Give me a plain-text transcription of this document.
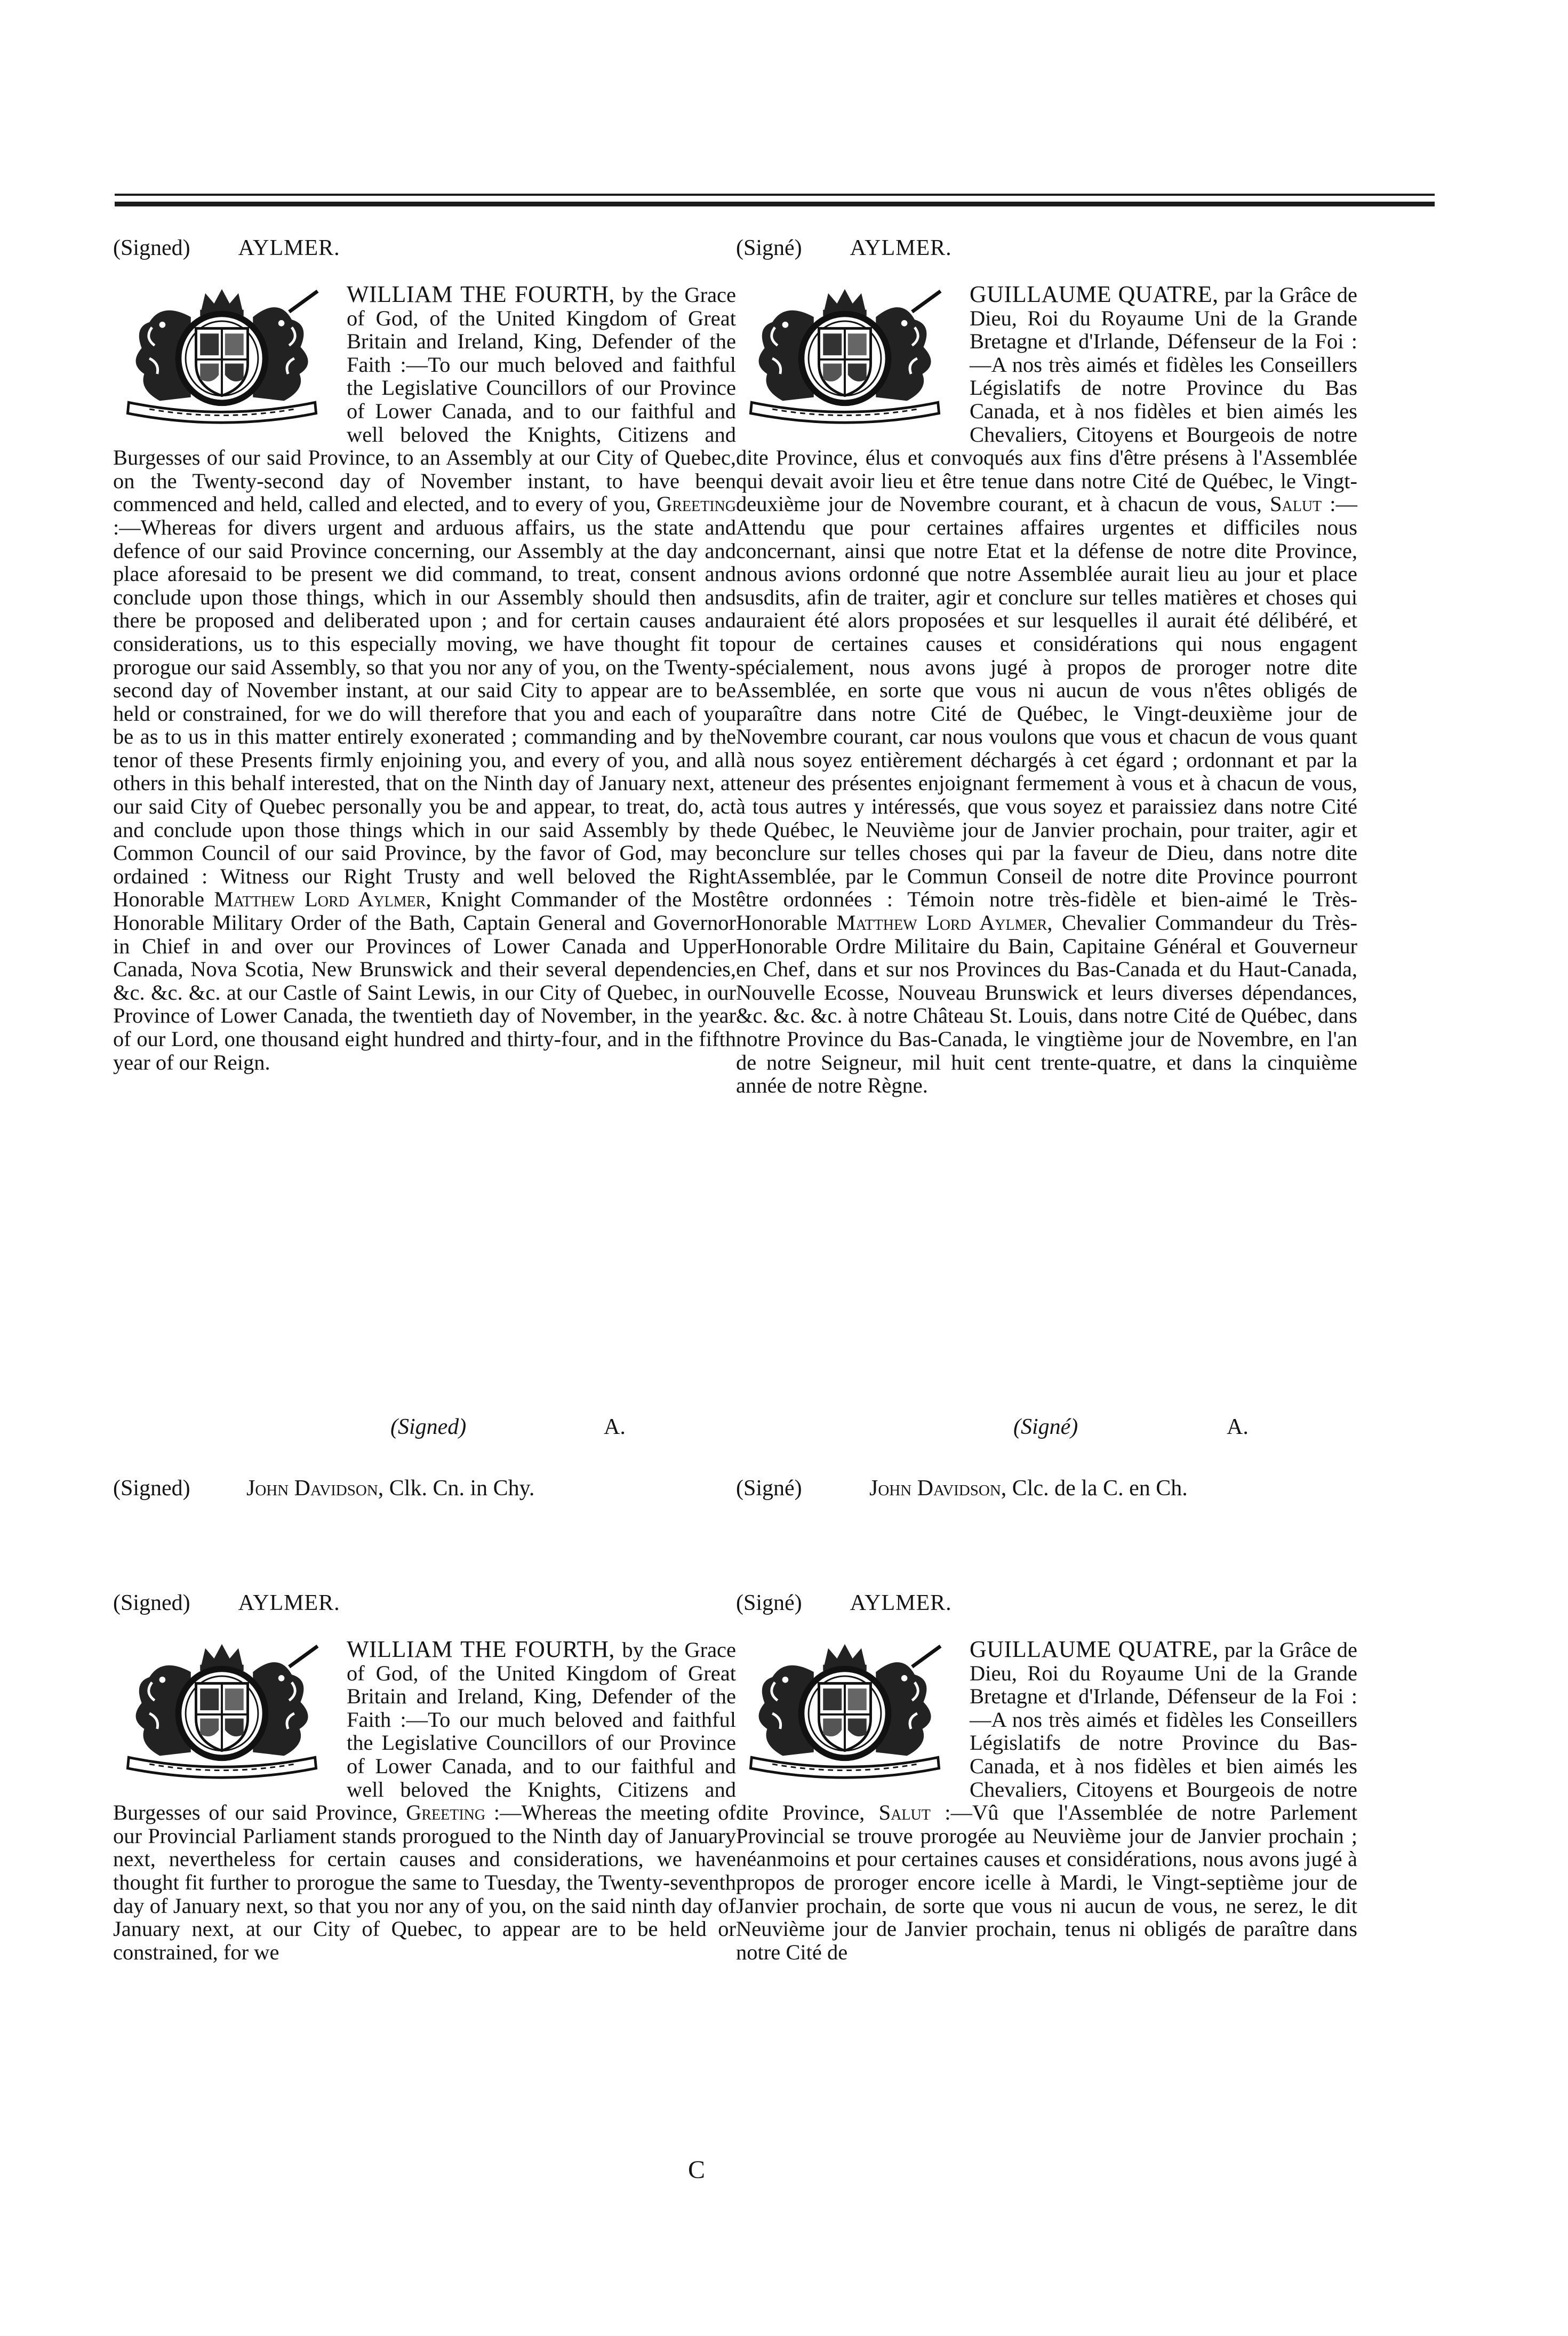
(Signed) AYLMER.
WILLIAM THE FOURTH, by the Grace of God, of the United Kingdom of Great Britain and Ireland, King, Defender of the Faith :—To our much beloved and faithful the Legislative Councillors of our Province of Lower Canada, and to our faithful and well beloved the Knights, Citizens and Burgesses of our said Province, to an Assembly at our City of Quebec, on the Twenty-second day of November instant, to have been commenced and held, called and elected, and to every of you, Greeting :—Whereas for divers urgent and arduous affairs, us the state and defence of our said Province concerning, our Assembly at the day and place aforesaid to be present we did command, to treat, consent and conclude upon those things, which in our Assembly should then and there be proposed and deliberated upon ; and for certain causes and considerations, us to this especially moving, we have thought fit to prorogue our said Assembly, so that you nor any of you, on the Twenty-second day of November instant, at our said City to appear are to be held or constrained, for we do will therefore that you and each of you be as to us in this matter entirely exonerated ; commanding and by the tenor of these Presents firmly enjoining you, and every of you, and all others in this behalf interested, that on the Ninth day of January next, at our said City of Quebec personally you be and appear, to treat, do, act and conclude upon those things which in our said Assembly by the Common Council of our said Province, by the favor of God, may be ordained : Witness our Right Trusty and well beloved the Right Honorable Matthew Lord Aylmer, Knight Commander of the Most Honorable Military Order of the Bath, Captain General and Governor in Chief in and over our Provinces of Lower Canada and Upper Canada, Nova Scotia, New Brunswick and their several dependencies, &c. &c. &c. at our Castle of Saint Lewis, in our City of Quebec, in our Province of Lower Canada, the twentieth day of November, in the year of our Lord, one thousand eight hundred and thirty-four, and in the fifth year of our Reign.
(Signed)	A.
(Signed)	John Davidson, Clk. Cn. in Chy.
(Signé) AYLMER.
GUILLAUME QUATRE, par la Grâce de Dieu, Roi du Royaume Uni de la Grande Bretagne et d'Irlande, Défenseur de la Foi :—A nos très aimés et fidèles les Conseillers Législatifs de notre Province du Bas Canada, et à nos fidèles et bien aimés les Chevaliers, Citoyens et Bourgeois de notre dite Province, élus et convoqués aux fins d'être présens à l'Assemblée qui devait avoir lieu et être tenue dans notre Cité de Québec, le Vingt-deuxième jour de Novembre courant, et à chacun de vous, Salut :— Attendu que pour certaines affaires urgentes et difficiles nous concernant, ainsi que notre Etat et la défense de notre dite Province, nous avions ordonné que notre Assemblée aurait lieu au jour et place susdits, afin de traiter, agir et conclure sur telles matières et choses qui auraient été alors proposées et sur lesquelles il aurait été délibéré, et pour de certaines causes et considérations qui nous engagent spécialement, nous avons jugé à propos de proroger notre dite Assemblée, en sorte que vous ni aucun de vous n'êtes obligés de paraître dans notre Cité de Québec, le Vingt-deuxième jour de Novembre courant, car nous voulons que vous et chacun de vous quant à nous soyez entièrement déchargés à cet égard ; ordonnant et par la teneur des présentes enjoignant fermement à vous et à chacun de vous, à tous autres y intéressés, que vous soyez et paraissiez dans notre Cité de Québec, le Neuvième jour de Janvier prochain, pour traiter, agir et conclure sur telles choses qui par la faveur de Dieu, dans notre dite Assemblée, par le Commun Conseil de notre dite Province pourront être ordonnées : Témoin notre très-fidèle et bien-aimé le Très-Honorable Matthew Lord Aylmer, Chevalier Commandeur du Très-Honorable Ordre Militaire du Bain, Capitaine Général et Gouverneur en Chef, dans et sur nos Provinces du Bas-Canada et du Haut-Canada, Nouvelle Ecosse, Nouveau Brunswick et leurs diverses dépendances, &c. &c. &c. à notre Château St. Louis, dans notre Cité de Québec, dans notre Province du Bas-Canada, le vingtième jour de Novembre, en l'an de notre Seigneur, mil huit cent trente-quatre, et dans la cinquième année de notre Règne.
(Signé)	A.
(Signé)	John Davidson, Clc. de la C. en Ch.
(Signed) AYLMER.
WILLIAM THE FOURTH, by the Grace of God, of the United Kingdom of Great Britain and Ireland, King, Defender of the Faith :—To our much beloved and faithful the Legislative Councillors of our Province of Lower Canada, and to our faithful and well beloved the Knights, Citizens and Burgesses of our said Province, Greeting :—Whereas the meeting of our Provincial Parliament stands prorogued to the Ninth day of January next, nevertheless for certain causes and considerations, we have thought fit further to prorogue the same to Tuesday, the Twenty-seventh day of January next, so that you nor any of you, on the said ninth day of January next, at our City of Quebec, to appear are to be held or constrained, for we
(Signé) AYLMER.
GUILLAUME QUATRE, par la Grâce de Dieu, Roi du Royaume Uni de la Grande Bretagne et d'Irlande, Défenseur de la Foi :—A nos très aimés et fidèles les Conseillers Législatifs de notre Province du Bas-Canada, et à nos fidèles et bien aimés les Chevaliers, Citoyens et Bourgeois de notre dite Province, Salut :—Vû que l'Assemblée de notre Parlement Provincial se trouve prorogée au Neuvième jour de Janvier prochain ; néanmoins et pour certaines causes et considérations, nous avons jugé à propos de proroger encore icelle à Mardi, le Vingt-septième jour de Janvier prochain, de sorte que vous ni aucun de vous, ne serez, le dit Neuvième jour de Janvier prochain, tenus ni obligés de paraître dans notre Cité de
C
